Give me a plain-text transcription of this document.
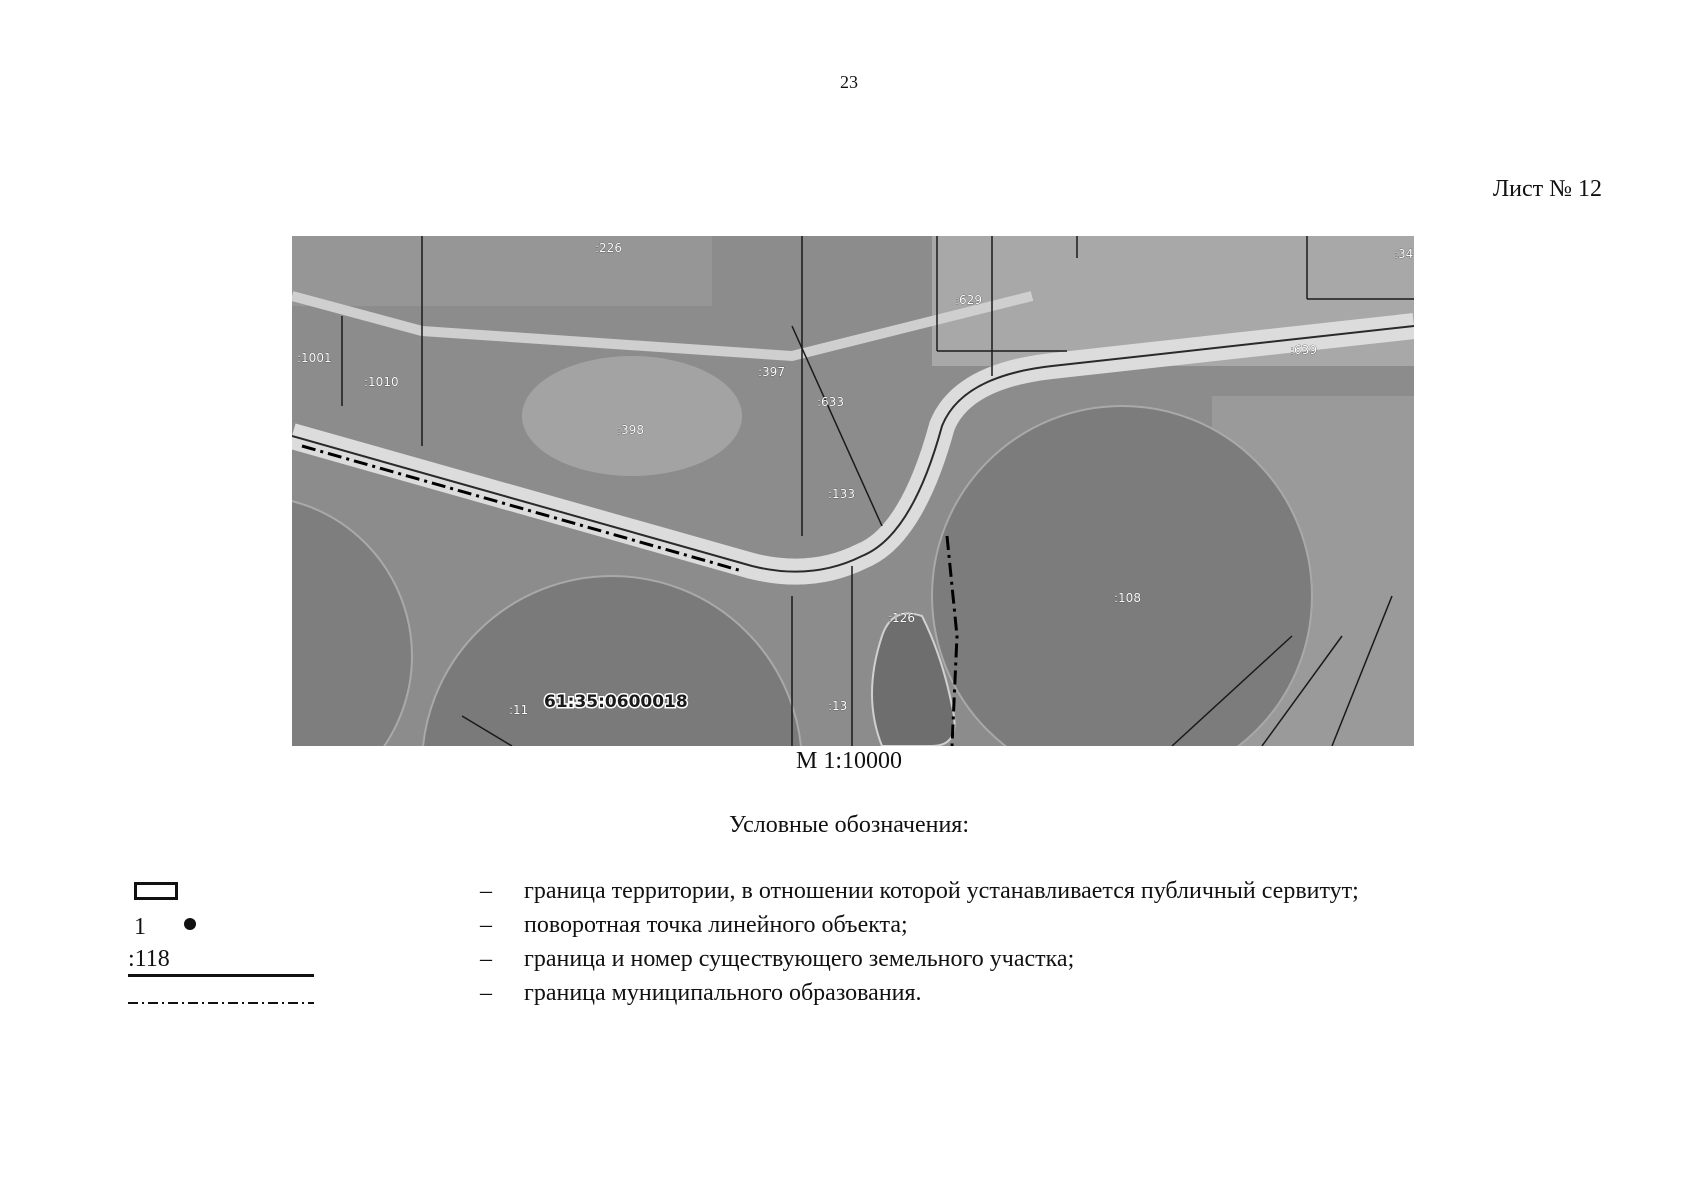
23
Лист № 12
:226	:34
:629
:639
:1001
:1010
:397
:633
:398
:133
:108
:126
:11	:13
61:35:0600018
М 1:10000
Условные обозначения:
– граница территории, в отношении которой устанавливается публичный сервитут;
1	– поворотная точка линейного объекта;
:118	– граница и номер существующего земельного участка;
– граница муниципального образования.
